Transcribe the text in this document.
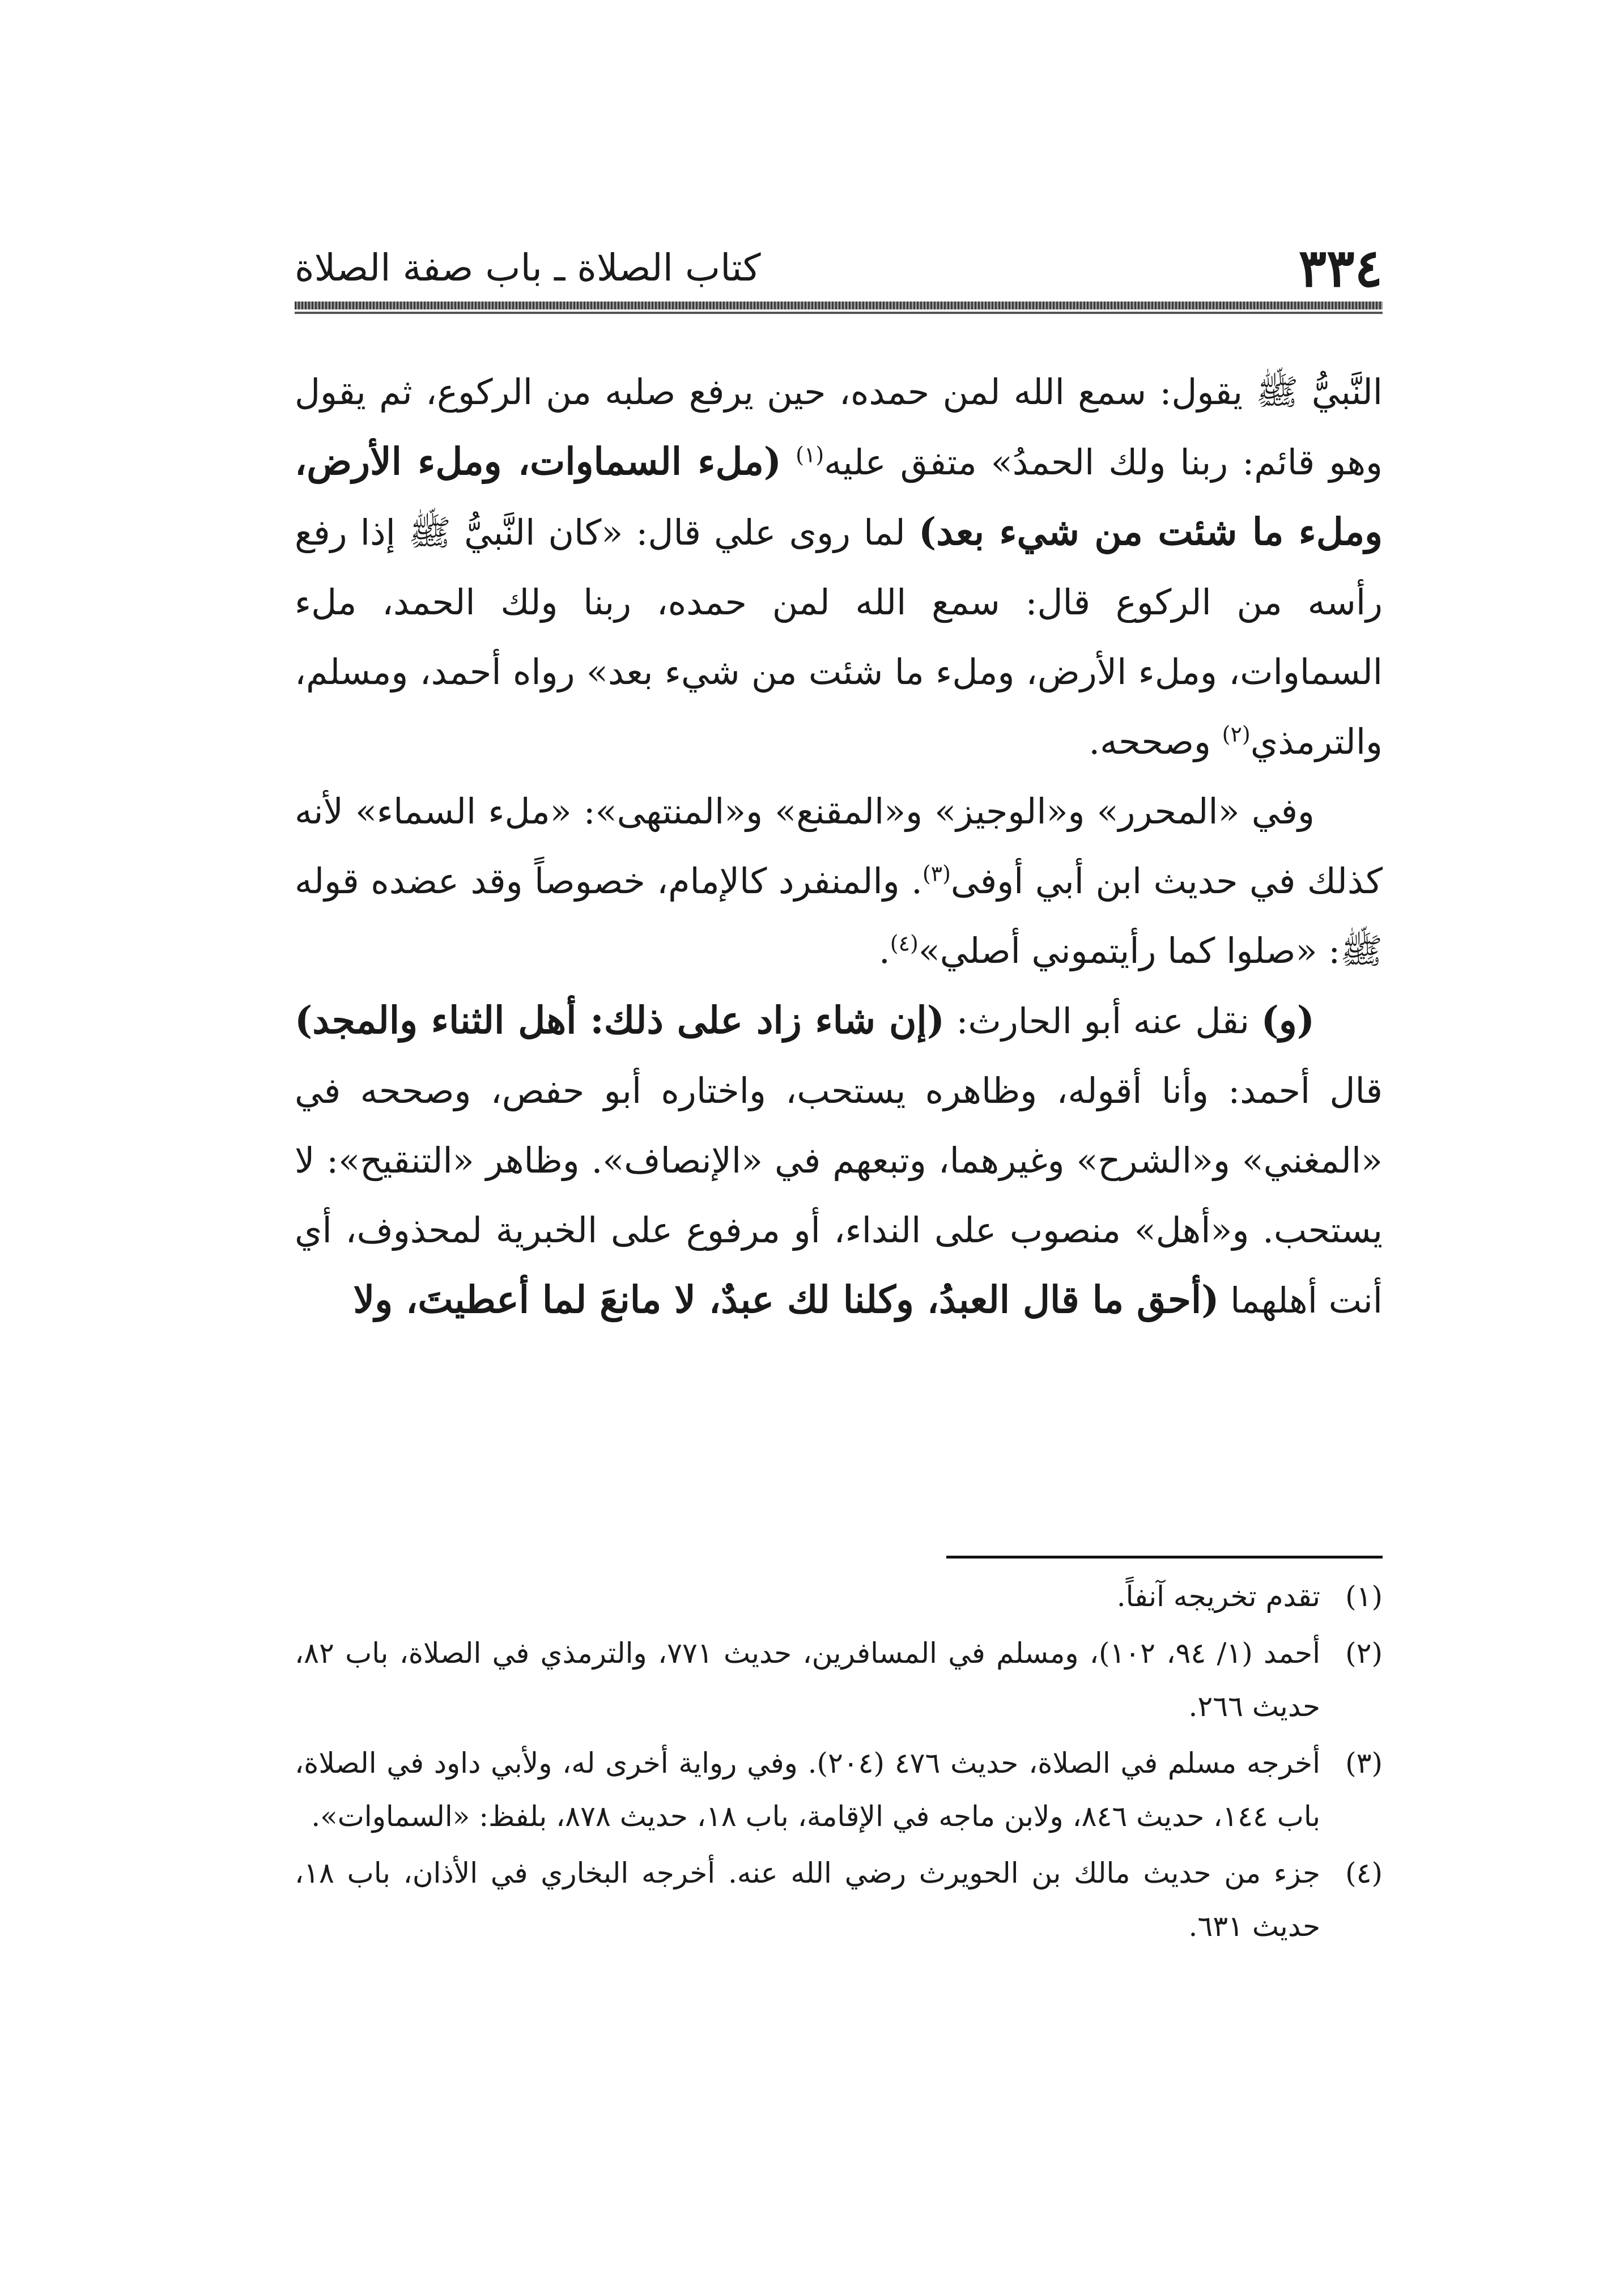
٣٣٤
كتاب الصلاة ـ باب صفة الصلاة

النَّبيُّ ﷺ يقول: سمع الله لمن حمده، حين يرفع صلبه من الركوع، ثم يقول وهو قائم: ربنا ولك الحمدُ» متفق عليه$^{(١)}$ (ملء السماوات، وملء الأرض، وملء ما شئت من شيء بعد) لما روى علي قال: «كان النَّبيُّ ﷺ إذا رفع رأسه من الركوع قال: سمع الله لمن حمده، ربنا ولك الحمد، ملء السماوات، وملء الأرض، وملء ما شئت من شيء بعد» رواه أحمد، ومسلم، والترمذي$^{(٢)}$ وصححه.

وفي «المحرر» و«الوجيز» و«المقنع» و«المنتهى»: «ملء السماء» لأنه كذلك في حديث ابن أبي أوفى$^{(٣)}$. والمنفرد كالإمام، خصوصاً وقد عضده قوله ﷺ: «صلوا كما رأيتموني أصلي»$^{(٤)}$.

(و) نقل عنه أبو الحارث: (إن شاء زاد على ذلك: أهل الثناء والمجد) قال أحمد: وأنا أقوله، وظاهره يستحب، واختاره أبو حفص، وصححه في «المغني» و«الشرح» وغيرهما، وتبعهم في «الإنصاف». وظاهر «التنقيح»: لا يستحب. و«أهل» منصوب على النداء، أو مرفوع على الخبرية لمحذوف، أي أنت أهلهما (أحق ما قال العبدُ، وكلنا لك عبدٌ، لا مانعَ لما أعطيتَ، ولا

(١)
تقدم تخريجه آنفاً.
(٢)
أحمد (١/ ٩٤، ١٠٢)، ومسلم في المسافرين، حديث ٧٧١، والترمذي في الصلاة، باب ٨٢، حديث ٢٦٦.
(٣)
أخرجه مسلم في الصلاة، حديث ٤٧٦ (٢٠٤). وفي رواية أخرى له، ولأبي داود في الصلاة، باب ١٤٤، حديث ٨٤٦، ولابن ماجه في الإقامة، باب ١٨، حديث ٨٧٨، بلفظ: «السماوات».
(٤)
جزء من حديث مالك بن الحويرث رضي الله عنه. أخرجه البخاري في الأذان، باب ١٨، حديث ٦٣١.
